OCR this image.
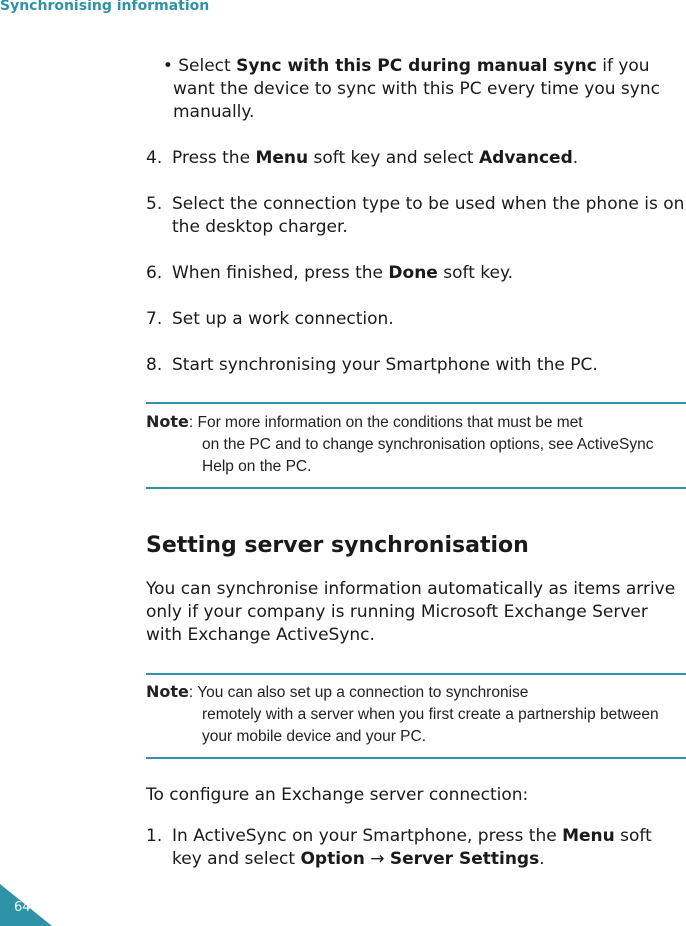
Synchronising information
• Select Sync with this PC during manual sync if you want the device to sync with this PC every time you sync manually.
4. Press the Menu soft key and select Advanced.
5. Select the connection type to be used when the phone is on the desktop charger.
6. When finished, press the Done soft key.
7. Set up a work connection.
8. Start synchronising your Smartphone with the PC.
Note: For more information on the conditions that must be met
on the PC and to change synchronisation options, see ActiveSync Help on the PC.
Setting server synchronisation
You can synchronise information automatically as items arrive only if your company is running Microsoft Exchange Server with Exchange ActiveSync.
Note: You can also set up a connection to synchronise
remotely with a server when you first create a partnership between your mobile device and your PC.
To configure an Exchange server connection:
1. In ActiveSync on your Smartphone, press the Menu soft key and select Option → Server Settings.
64
